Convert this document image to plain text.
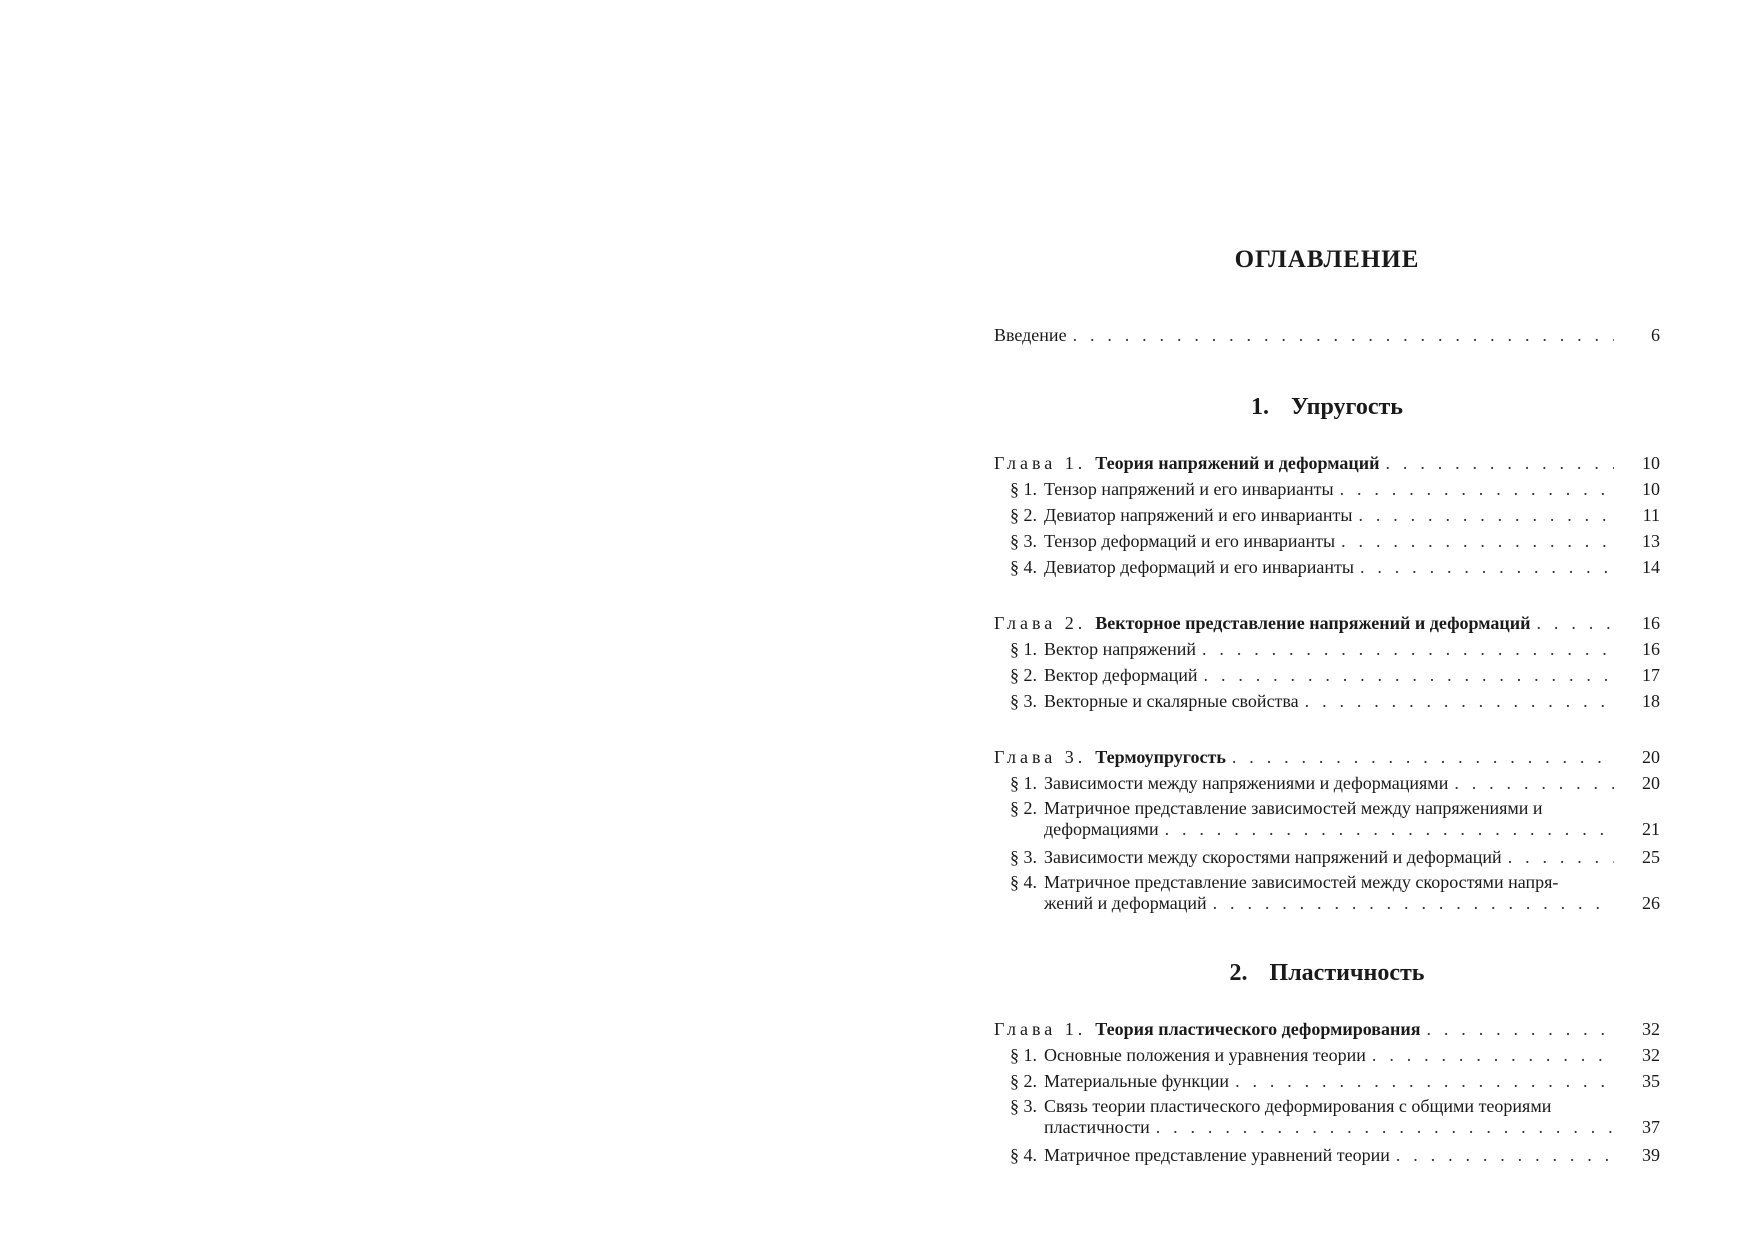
ОГЛАВЛЕНИЕ
Введение . . .	6
1. Упругость
Глава 1. Теория напряжений и деформаций . . .	10
§ 1. Тензор напряжений и его инварианты . . .	10
§ 2. Девиатор напряжений и его инварианты . . .	11
§ 3. Тензор деформаций и его инварианты . . .	13
§ 4. Девиатор деформаций и его инварианты . . .	14
Глава 2. Векторное представление напряжений и деформаций . . .	16
§ 1. Вектор напряжений . . .	16
§ 2. Вектор деформаций . . .	17
§ 3. Векторные и скалярные свойства . . .	18
Глава 3. Термоупругость . . .	20
§ 1. Зависимости между напряжениями и деформациями . . .	20
§ 2. Матричное представление зависимостей между напряжениями и
деформациями . . .	21
§ 3. Зависимости между скоростями напряжений и деформаций . . .	25
§ 4. Матричное представление зависимостей между скоростями напря-
жений и деформаций . . .	26
2. Пластичность
Глава 1. Теория пластического деформирования . . .	32
§ 1. Основные положения и уравнения теории . . .	32
§ 2. Материальные функции . . .	35
§ 3. Связь теории пластического деформирования с общими теориями
пластичности . . .	37
§ 4. Матричное представление уравнений теории . . .	39
